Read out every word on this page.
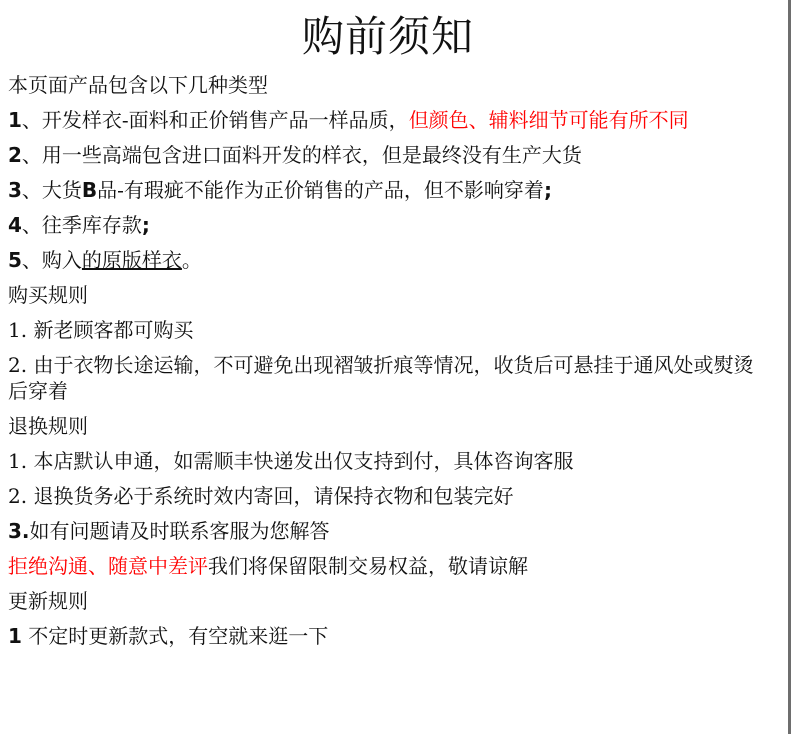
购前须知

本页面产品包含以下几种类型

1、开发样衣-面料和正价销售产品一样品质，但颜色、辅料细节可能有所不同

2、用一些高端包含进口面料开发的样衣，但是最终没有生产大货

3、大货B品-有瑕疵不能作为正价销售的产品，但不影响穿着;

4、往季库存款;

5、购入的原版样衣。

购买规则

1. 新老顾客都可购买

2. 由于衣物长途运输，不可避免出现褶皱折痕等情况，收货后可悬挂于通风处或熨烫后穿着

退换规则

1. 本店默认申通，如需顺丰快递发出仅支持到付，具体咨询客服

2. 退换货务必于系统时效内寄回，请保持衣物和包装完好

3.如有问题请及时联系客服为您解答

拒绝沟通、随意中差评我们将保留限制交易权益，敬请谅解

更新规则

1 不定时更新款式，有空就来逛一下
